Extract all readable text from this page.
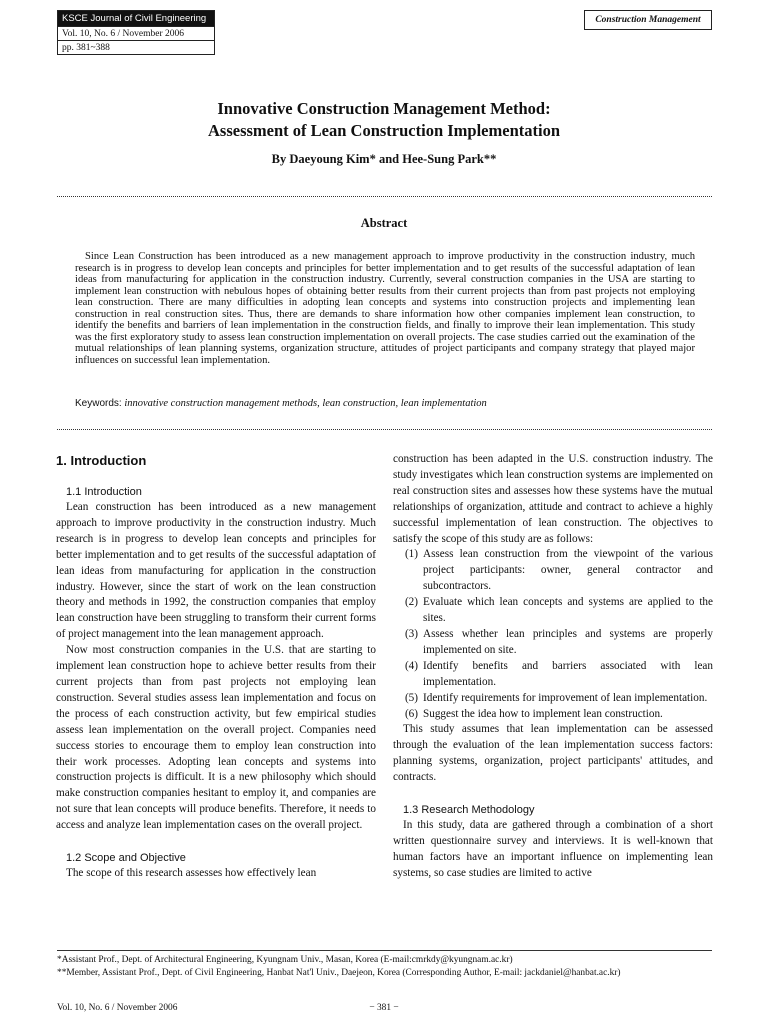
KSCE Journal of Civil Engineering
Vol. 10, No. 6 / November 2006
pp. 381~388
Construction Management
Innovative Construction Management Method:
Assessment of Lean Construction Implementation
By Daeyoung Kim* and Hee-Sung Park**
Abstract
Since Lean Construction has been introduced as a new management approach to improve productivity in the construction industry, much research is in progress to develop lean concepts and principles for better implementation and to get results of the successful adaptation of lean ideas from manufacturing for application in the construction industry. Currently, several construction companies in the USA are starting to implement lean construction with nebulous hopes of obtaining better results from their current projects than from past projects not employing lean construction. There are many difficulties in adopting lean concepts and systems into construction projects and implementing lean construction in real construction sites. Thus, there are demands to share information how other companies implement lean construction, to identify the benefits and barriers of lean implementation in the construction fields, and finally to improve their lean implementation. This study was the first exploratory study to assess lean construction implementation on overall projects. The case studies carried out the examination of the mutual relationships of lean planning systems, organization structure, attitudes of project participants and company strategy that played major influences on successful lean implementation.
Keywords: innovative construction management methods, lean construction, lean implementation
1. Introduction
1.1 Introduction

Lean construction has been introduced as a new management approach to improve productivity in the construction industry. Much research is in progress to develop lean concepts and principles for better implementation and to get results of the successful adaptation of lean ideas from manufacturing for application in the construction industry. However, since the start of work on the lean construction theory and methods in 1992, the construction companies that employ lean construction have been struggling to transform their current forms of project management into the lean management approach.

Now most construction companies in the U.S. that are starting to implement lean construction hope to achieve better results from their current projects than from past projects not employing lean construction. Several studies assess lean implementation and focus on the process of each construction activity, but few empirical studies assess lean implementation on the overall project. Companies need success stories to encourage them to employ lean construction into their work processes. Adopting lean concepts and systems into construction projects is difficult. It is a new philosophy which should make construction companies hesitant to employ it, and companies are not sure that lean concepts will produce benefits. Therefore, it needs to access and analyze lean implementation cases on the overall project.

1.2 Scope and Objective

The scope of this research assesses how effectively lean

construction has been adapted in the U.S. construction industry. The study investigates which lean construction systems are implemented on real construction sites and assesses how these systems have the mutual relationships of organization, attitude and contract to achieve a highly successful implementation of lean construction. The objectives to satisfy the scope of this study are as follows:

(1) Assess lean construction from the viewpoint of the various project participants: owner, general contractor and subcontractors.
(2) Evaluate which lean concepts and systems are applied to the sites.
(3) Assess whether lean principles and systems are properly implemented on site.
(4) Identify benefits and barriers associated with lean implementation.
(5) Identify requirements for improvement of lean implementation.
(6) Suggest the idea how to implement lean construction.

This study assumes that lean implementation can be assessed through the evaluation of the lean implementation success factors: planning systems, organization, project participants' attitudes, and contracts.

1.3 Research Methodology

In this study, data are gathered through a combination of a short written questionnaire survey and interviews. It is well-known that human factors have an important influence on implementing lean systems, so case studies are limited to active

*Assistant Prof., Dept. of Architectural Engineering, Kyungnam Univ., Masan, Korea (E-mail:cmrkdy@kyungnam.ac.kr)
**Member, Assistant Prof., Dept. of Civil Engineering, Hanbat Nat'l Univ., Daejeon, Korea (Corresponding Author, E-mail: jackdaniel@hanbat.ac.kr)
Vol. 10, No. 6 / November 2006	− 381 −
